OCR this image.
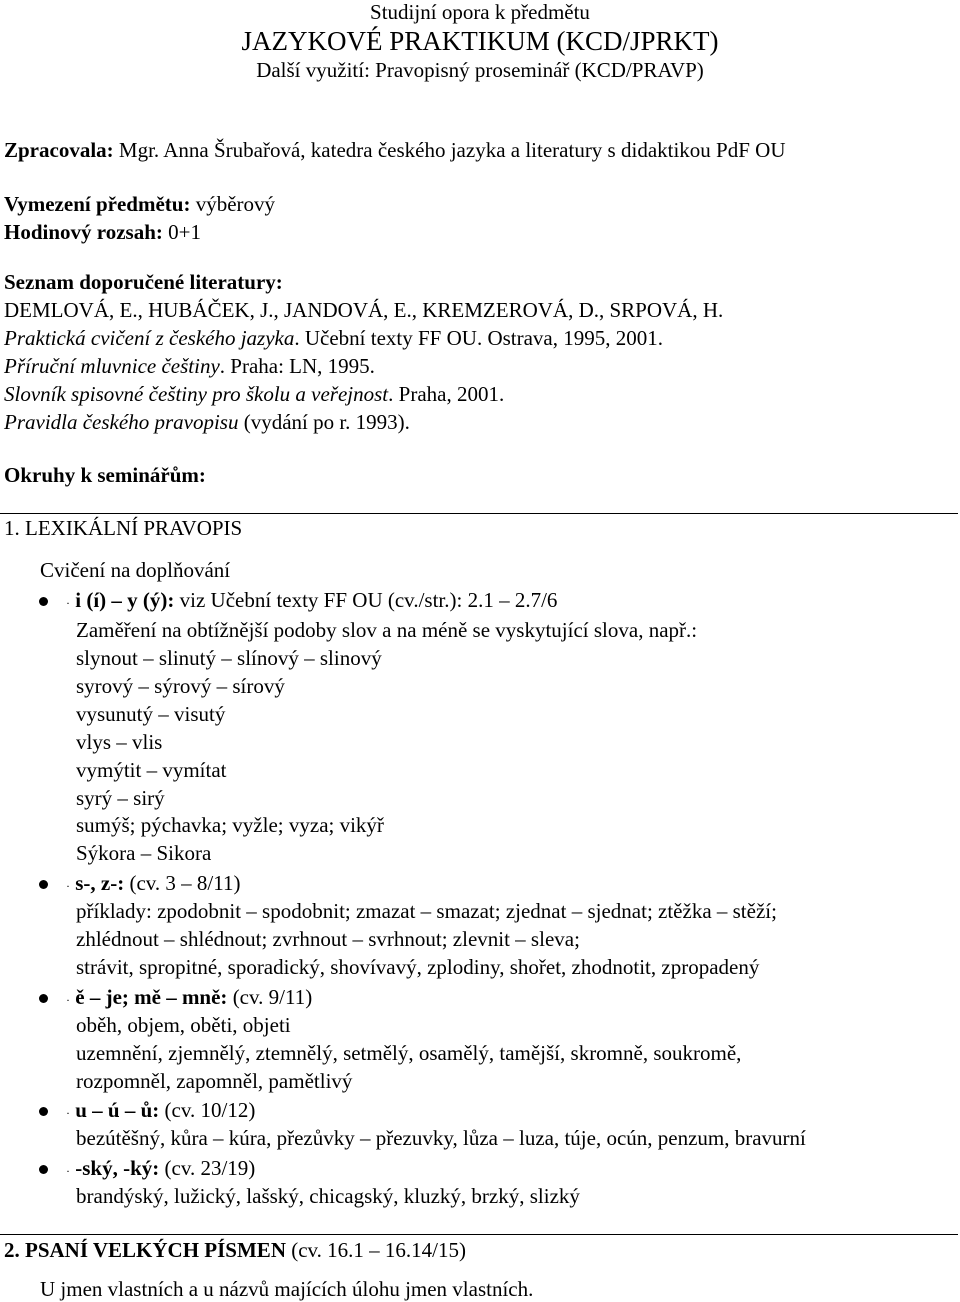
Studijní opora k předmětu
JAZYKOVÉ PRAKTIKUM (KCD/JPRKT)
Další využití: Pravopisný proseminář (KCD/PRAVP)
Zpracovala: Mgr. Anna Šrubařová, katedra českého jazyka a literatury s didaktikou PdF OU
Vymezení předmětu: výběrový
Hodinový rozsah: 0+1
Seznam doporučené literatury:
DEMLOVÁ, E., HUBÁČEK, J., JANDOVÁ, E., KREMZEROVÁ, D., SRPOVÁ, H.
Praktická cvičení z českého jazyka. Učební texty FF OU. Ostrava, 1995, 2001.
Příruční mluvnice češtiny. Praha: LN, 1995.
Slovník spisovné češtiny pro školu a veřejnost. Praha, 2001.
Pravidla českého pravopisu (vydání po r. 1993).
Okruhy k seminářům:
1. LEXIKÁLNÍ PRAVOPIS
Cvičení na doplňování
· i (í) – y (ý): viz Učební texty FF OU (cv./str.): 2.1 – 2.7/6
Zaměření na obtížnější podoby slov a na méně se vyskytující slova, např.:
slynout – slinutý – slínový – slinový
syrový – sýrový – sírový
vysunutý – visutý
vlys – vlis
vymýtit – vymítat
syrý – sirý
sumýš; pýchavka; vyžle; vyza; vikýř
Sýkora – Sikora
· s-, z-: (cv. 3 – 8/11)
příklady: zpodobnit – spodobnit; zmazat – smazat; zjednat – sjednat; ztěžka – stěží;
zhlédnout – shlédnout; zvrhnout – svrhnout; zlevnit – sleva;
strávit, spropitné, sporadický, shovívavý, zplodiny, shořet, zhodnotit, zpropadený
· ě – je; mě – mně: (cv. 9/11)
oběh, objem, oběti, objeti
uzemnění, zjemnělý, ztemnělý, setmělý, osamělý, tamější, skromně, soukromě,
rozpomněl, zapomněl, pamětlivý
· u – ú – ů: (cv. 10/12)
bezútěšný, kůra – kúra, přezůvky – přezuvky, lůza – luza, túje, ocún, penzum, bravurní
· -ský, -ký: (cv. 23/19)
brandýský, lužický, lašský, chicagský, kluzký, brzký, slizký
2. PSANÍ VELKÝCH PÍSMEN (cv. 16.1 – 16.14/15)
U jmen vlastních a u názvů majících úlohu jmen vlastních.
